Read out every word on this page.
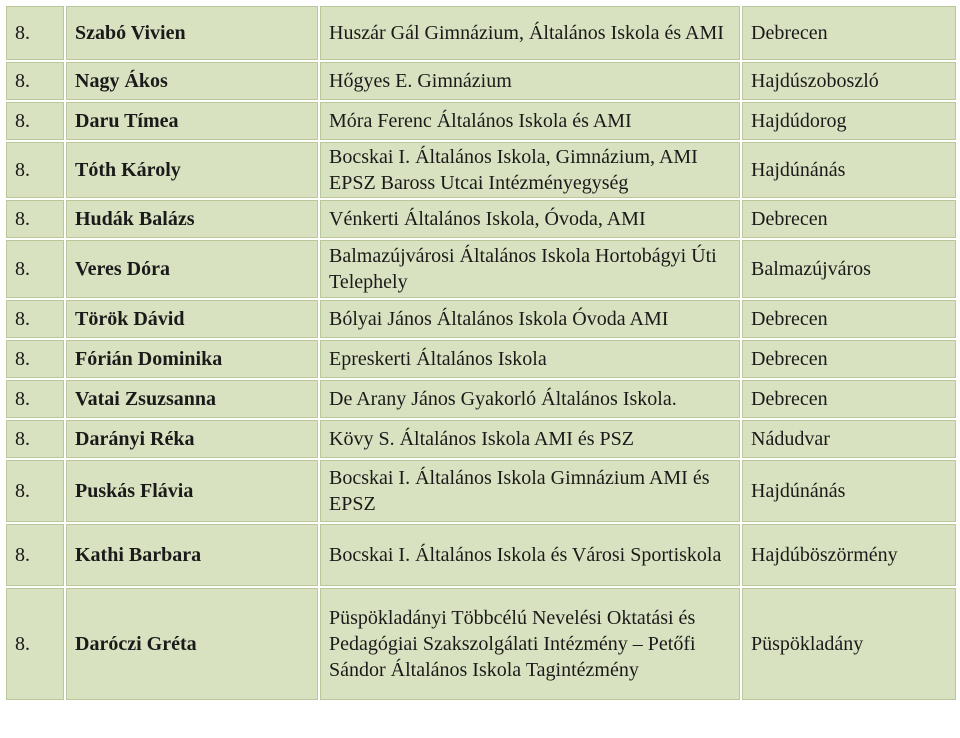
8.	Szabó Vivien	Huszár Gál Gimnázium, Általános Iskola és AMI	Debrecen
8.	Nagy Ákos	Hőgyes E. Gimnázium	Hajdúszoboszló
8.	Daru Tímea	Móra Ferenc Általános Iskola és AMI	Hajdúdorog
8.	Tóth Károly	Bocskai I. Általános Iskola, Gimnázium, AMI EPSZ Baross Utcai Intézményegység	Hajdúnánás
8.	Hudák Balázs	Vénkerti Általános Iskola, Óvoda, AMI	Debrecen
8.	Veres Dóra	Balmazújvárosi Általános Iskola Hortobágyi Úti Telephely	Balmazújváros
8.	Török Dávid	Bólyai János Általános Iskola Óvoda AMI	Debrecen
8.	Fórián Dominika	Epreskerti Általános Iskola	Debrecen
8.	Vatai Zsuzsanna	De Arany János Gyakorló Általános Iskola.	Debrecen
8.	Darányi Réka	Kövy S. Általános Iskola AMI és PSZ	Nádudvar
8.	Puskás Flávia	Bocskai I. Általános Iskola Gimnázium AMI és EPSZ	Hajdúnánás
8.	Kathi Barbara	Bocskai I. Általános Iskola és Városi Sportiskola	Hajdúböszörmény
8.	Daróczi Gréta	Püspökladányi Többcélú Nevelési Oktatási és Pedagógiai Szakszolgálati Intézmény – Petőfi Sándor Általános Iskola Tagintézmény	Püspökladány
